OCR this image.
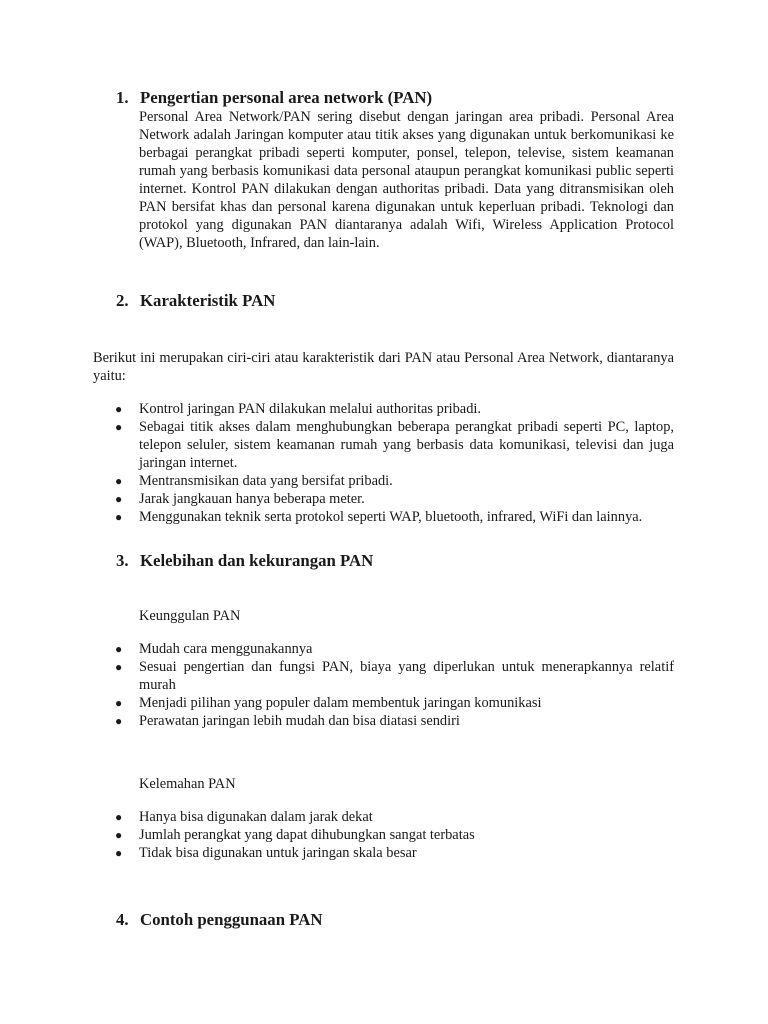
1. Pengertian personal area network (PAN)

Personal Area Network/PAN sering disebut dengan jaringan area pribadi. Personal Area Network adalah Jaringan komputer atau titik akses yang digunakan untuk berkomunikasi ke berbagai perangkat pribadi seperti komputer, ponsel, telepon, televise, sistem keamanan rumah yang berbasis komunikasi data personal ataupun perangkat komunikasi public seperti internet. Kontrol PAN dilakukan dengan authoritas pribadi. Data yang ditransmisikan oleh PAN bersifat khas dan personal karena digunakan untuk keperluan pribadi. Teknologi dan protokol yang digunakan PAN diantaranya adalah Wifi, Wireless Application Protocol (WAP), Bluetooth, Infrared, dan lain-lain.

2. Karakteristik PAN

Berikut ini merupakan ciri-ciri atau karakteristik dari PAN atau Personal Area Network, diantaranya yaitu:

● Kontrol jaringan PAN dilakukan melalui authoritas pribadi.
● Sebagai titik akses dalam menghubungkan beberapa perangkat pribadi seperti PC, laptop, telepon seluler, sistem keamanan rumah yang berbasis data komunikasi, televisi dan juga jaringan internet.
● Mentransmisikan data yang bersifat pribadi.
● Jarak jangkauan hanya beberapa meter.
● Menggunakan teknik serta protokol seperti WAP, bluetooth, infrared, WiFi dan lainnya.
3. Kelebihan dan kekurangan PAN
Keunggulan PAN
● Mudah cara menggunakannya
● Sesuai pengertian dan fungsi PAN, biaya yang diperlukan untuk menerapkannya relatif murah
● Menjadi pilihan yang populer dalam membentuk jaringan komunikasi
● Perawatan jaringan lebih mudah dan bisa diatasi sendiri
Kelemahan PAN
● Hanya bisa digunakan dalam jarak dekat
● Jumlah perangkat yang dapat dihubungkan sangat terbatas
● Tidak bisa digunakan untuk jaringan skala besar
4. Contoh penggunaan PAN
